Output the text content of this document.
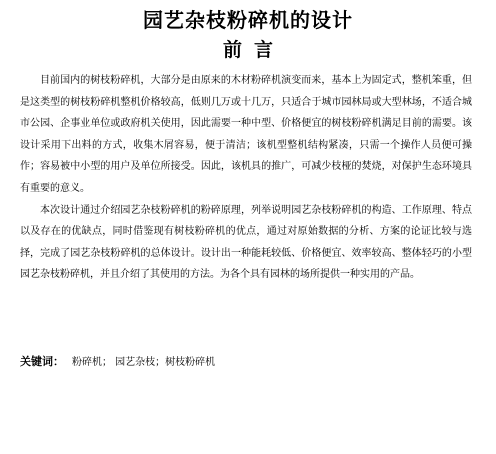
园艺杂枝粉碎机的设计
前言

目前国内的树枝粉碎机，大部分是由原来的木材粉碎机演变而来，基本上为固定式，整机笨重，但是这类型的树枝粉碎机整机价格较高，低则几万或十几万，只适合于城市园林局或大型林场，不适合城市公园、企事业单位或政府机关使用，因此需要一种中型、价格便宜的树枝粉碎机满足目前的需要。该设计采用下出料的方式，收集木屑容易，便于清洁；该机型整机结构紧凑，只需一个操作人员便可操作；容易被中小型的用户及单位所接受。因此，该机具的推广，可减少枝桠的焚烧，对保护生态环境具有重要的意义。

本次设计通过介绍园艺杂枝粉碎机的粉碎原理，列举说明园艺杂枝粉碎机的构造、工作原理、特点以及存在的优缺点，同时借鉴现有树枝粉碎机的优点，通过对原始数据的分析、方案的论证比较与选择，完成了园艺杂枝粉碎机的总体设计。设计出一种能耗较低、价格便宜、效率较高、整体轻巧的小型园艺杂枝粉碎机，并且介绍了其使用的方法。为各个具有园林的场所提供一种实用的产品。

关键词： 粉碎机； 园艺杂枝；树枝粉碎机
